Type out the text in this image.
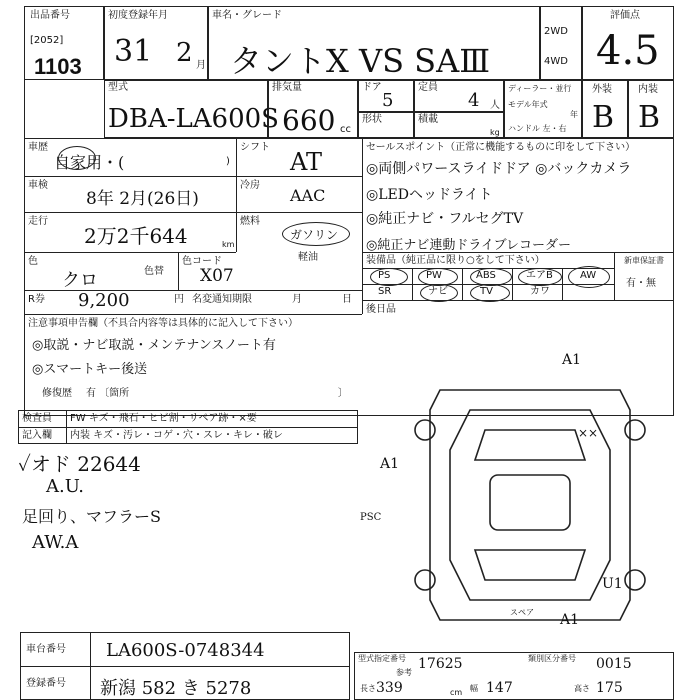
出品番号
[2052]
1103
初度登録年月
31 2 月
車名・グレード
タントX VS SAⅢ
2WD
4WD
評価点
4.5
型式
DBA-LA600S
排気量
660 cc
ドア
5
定員
4 人
形状	積載
kg
ディーラー・並行
モデル年式
年
ハンドル 左・右
外装
B
内装
B
車歴
自家用・(	)
シフト
AT
車検
8年 2月(26日)
冷房
AAC
走行
2万2千644	km
燃料
ガソリン
軽油
色
クロ	色替
色コード
X07
R券 9,200	円 名変通知期限	月	日
セールスポイント（正常に機能するものに印をして下さい）
◎両側パワースライドドア ◎バックカメラ
◎LEDヘッドライト
◎純正ナビ・フルセグTV
◎純正ナビ連動ドライブレコーダー
装備品（純正品に限り○をして下さい）	新車保証書
有・無
PS	PW	ABS	エアB	AW
SR	ナビ	TV	カワ
後日品
注意事項申告欄（不具合内容等は具体的に記入して下さい）
◎取説・ナビ取説・メンテナンスノート有
◎スマートキー後送
修復歴 有 〔箇所	〕
検査員 FW キズ・飛石・ヒビ割・リペア跡・×要
記入欄 内装 キズ・汚レ・コゲ・穴・スレ・キレ・破レ
✓オド 22644
A.U.
足回り、マフラーS
AW.A
A1
A1
××
PSC
U1
A1
スペア
車台番号 LA600S-0748344
登録番号 新潟 582 き 5278
型式指定番号 17625	類別区分番号 0015
参考
長さ 339	cm 幅 147	高さ 175
